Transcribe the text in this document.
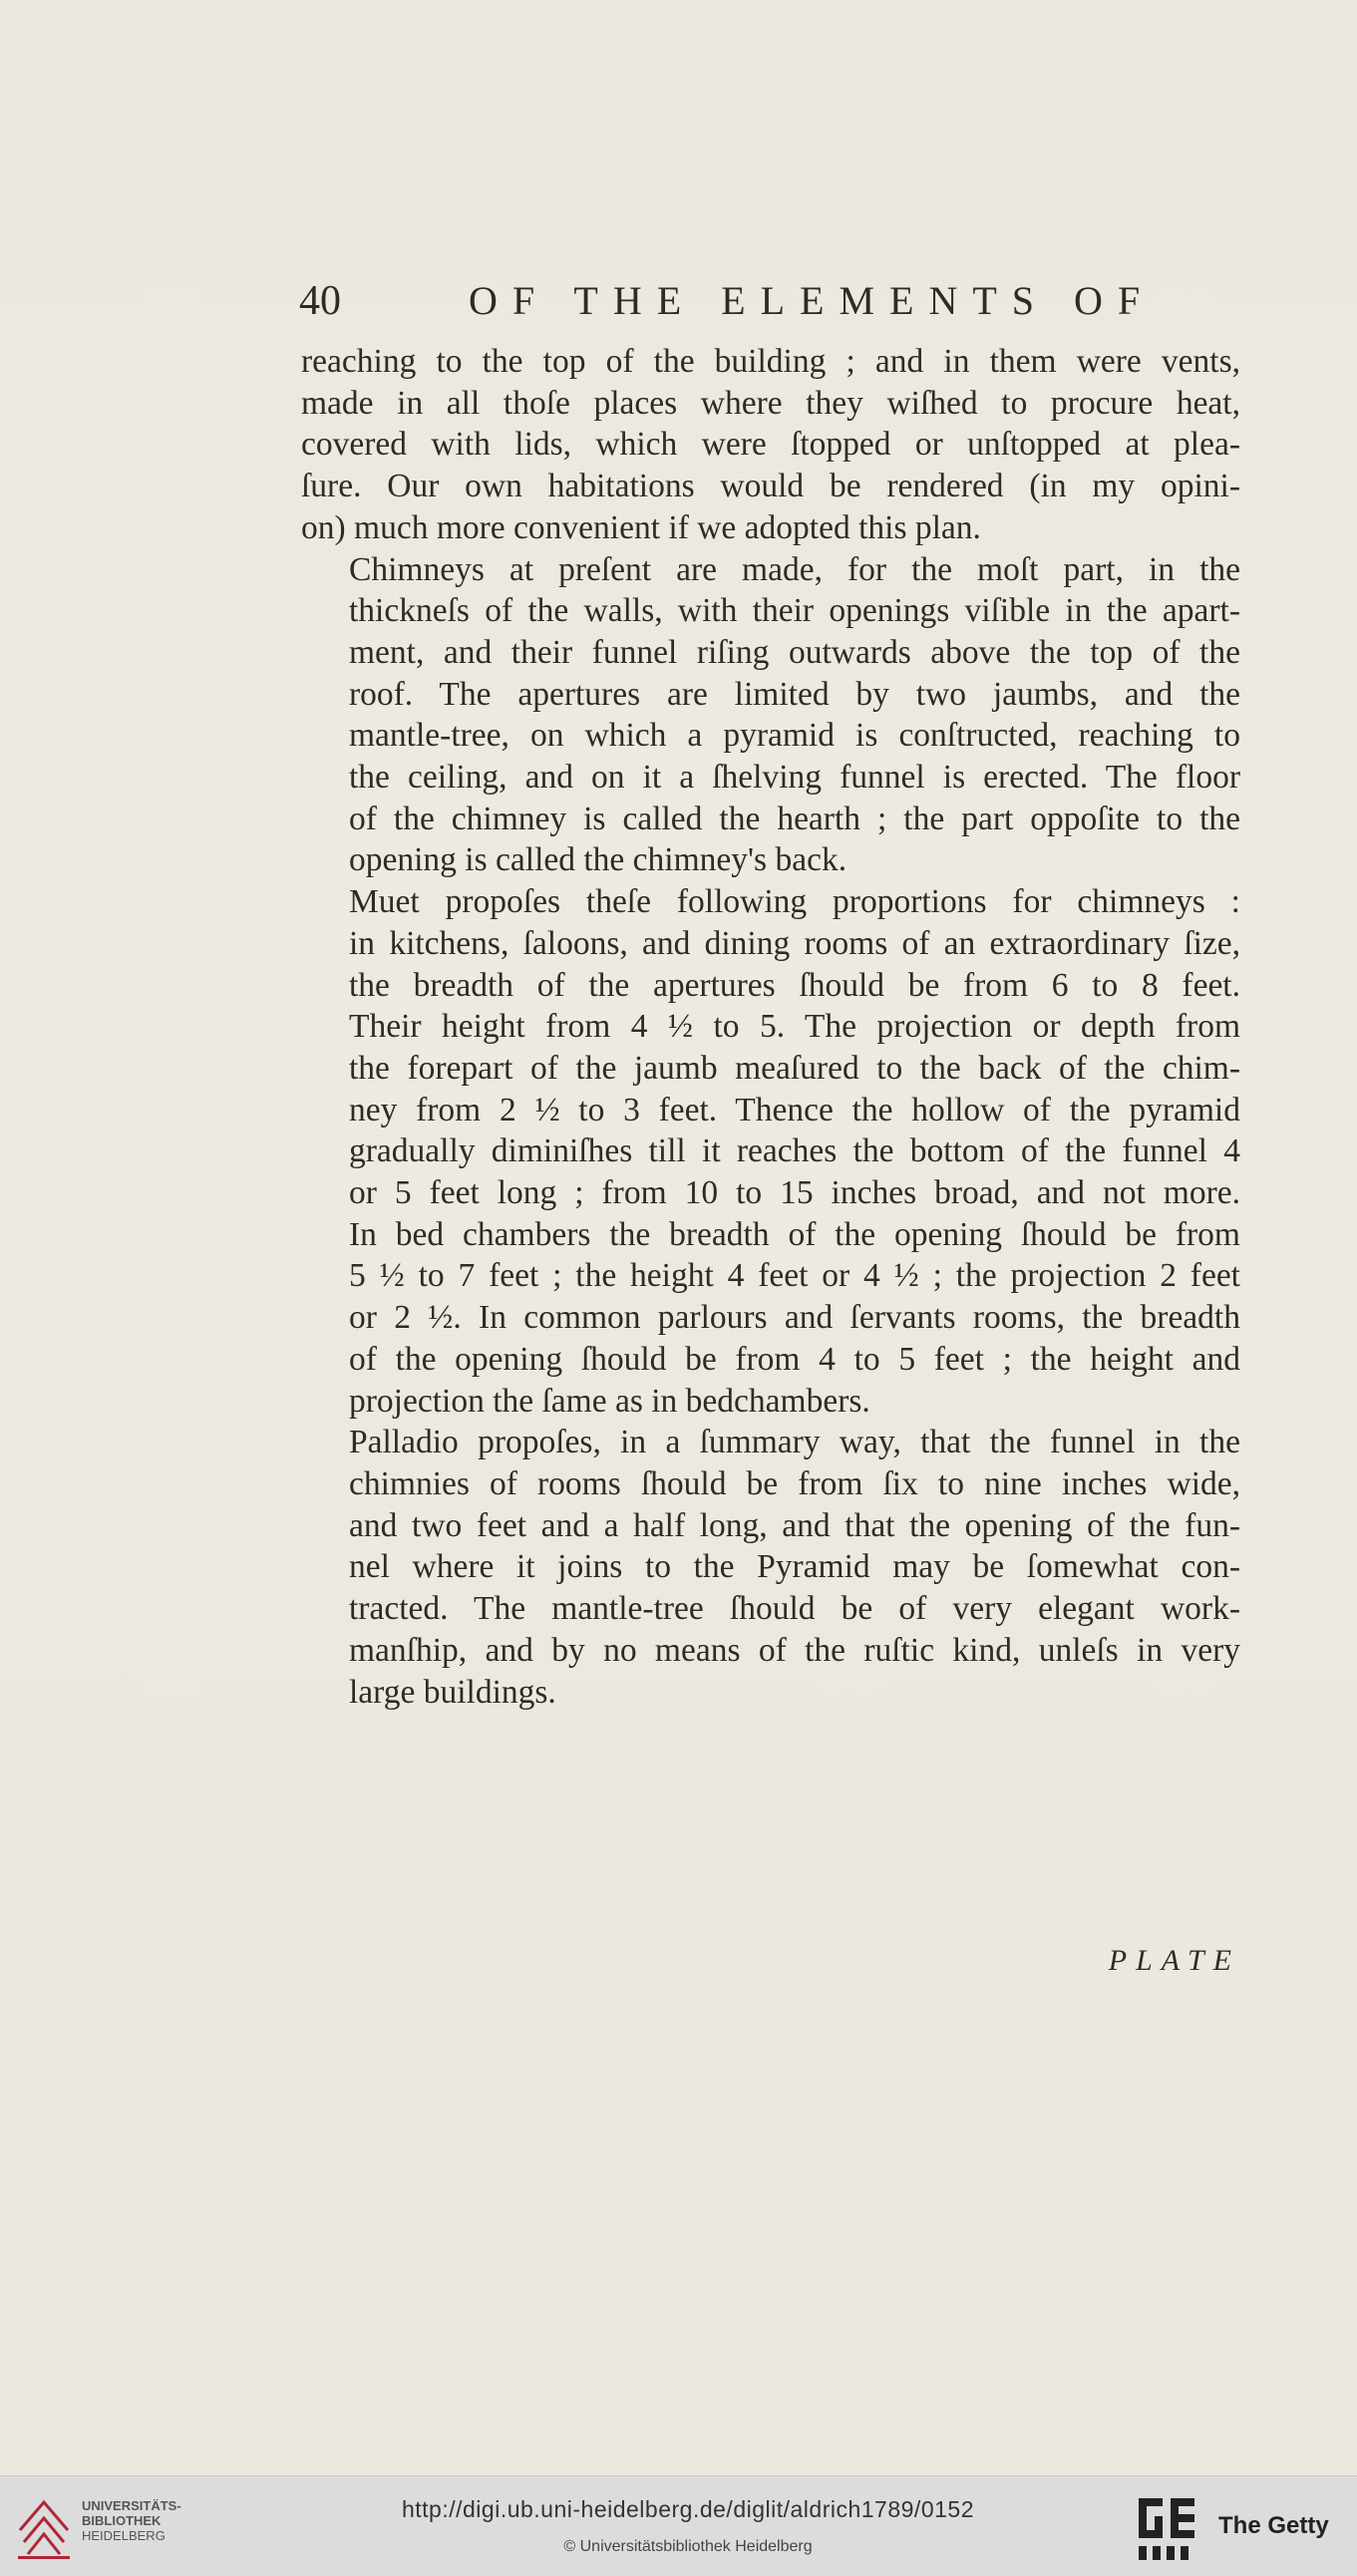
40	OF THE ELEMENTS OF

reaching to the top of the building ; and in them were vents,
made in all thoſe places where they wiſhed to procure heat,
covered with lids, which were ſtopped or unſtopped at plea-
ſure. Our own habitations would be rendered (in my opini-
on) much more convenient if we adopted this plan.

Chimneys at preſent are made, for the moſt part, in the
thickneſs of the walls, with their openings viſible in the apart-
ment, and their funnel riſing outwards above the top of the
roof. The apertures are limited by two jaumbs, and the
mantle-tree, on which a pyramid is conſtructed, reaching to
the ceiling, and on it a ſhelving funnel is erected. The floor
of the chimney is called the hearth ; the part oppoſite to the
opening is called the chimney's back.

Muet propoſes theſe following proportions for chimneys :
in kitchens, ſaloons, and dining rooms of an extraordinary ſize,
the breadth of the apertures ſhould be from 6 to 8 feet.
Their height from 4 ½ to 5. The projection or depth from
the forepart of the jaumb meaſured to the back of the chim-
ney from 2 ½ to 3 feet. Thence the hollow of the pyramid
gradually diminiſhes till it reaches the bottom of the funnel 4
or 5 feet long ; from 10 to 15 inches broad, and not more.
In bed chambers the breadth of the opening ſhould be from
5 ½ to 7 feet ; the height 4 feet or 4 ½ ; the projection 2 feet
or 2 ½. In common parlours and ſervants rooms, the breadth
of the opening ſhould be from 4 to 5 feet ; the height and
projection the ſame as in bedchambers.

Palladio propoſes, in a ſummary way, that the funnel in the
chimnies of rooms ſhould be from ſix to nine inches wide,
and two feet and a half long, and that the opening of the fun-
nel where it joins to the Pyramid may be ſomewhat con-
tracted. The mantle-tree ſhould be of very elegant work-
manſhip, and by no means of the ruſtic kind, unleſs in very
large buildings.

PLATE
UNIVERSITÄTS-
BIBLIOTHEK
HEIDELBERG
http://digi.ub.uni-heidelberg.de/diglit/aldrich1789/0152
© Universitätsbibliothek Heidelberg
The Getty
